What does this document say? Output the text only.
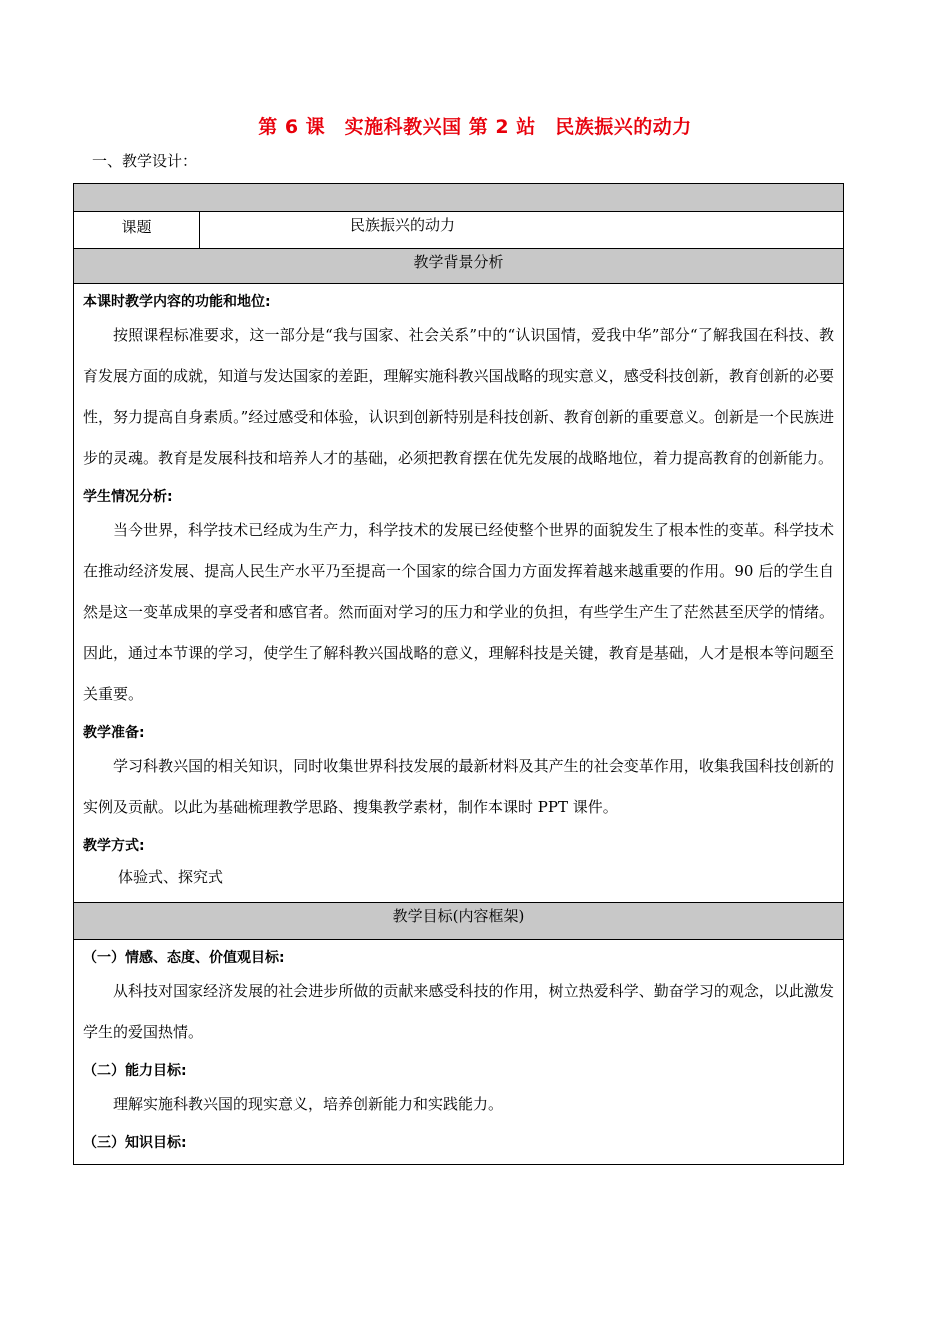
第 6 课　实施科教兴国 第 2 站　民族振兴的动力
一、教学设计：

课题	民族振兴的动力
教学背景分析

本课时教学内容的功能和地位:
按照课程标准要求，这一部分是“我与国家、社会关系”中的“认识国情，爱我中华”部分“了解我国在科技、教育发展方面的成就，知道与发达国家的差距，理解实施科教兴国战略的现实意义，感受科技创新，教育创新的必要性，努力提高自身素质。”经过感受和体验，认识到创新特别是科技创新、教育创新的重要意义。创新是一个民族进步的灵魂。教育是发展科技和培养人才的基础，必须把教育摆在优先发展的战略地位，着力提高教育的创新能力。
学生情况分析:
当今世界，科学技术已经成为生产力，科学技术的发展已经使整个世界的面貌发生了根本性的变革。科学技术在推动经济发展、提高人民生产水平乃至提高一个国家的综合国力方面发挥着越来越重要的作用。90 后的学生自然是这一变革成果的享受者和感官者。然而面对学习的压力和学业的负担，有些学生产生了茫然甚至厌学的情绪。因此，通过本节课的学习，使学生了解科教兴国战略的意义，理解科技是关键，教育是基础，人才是根本等问题至关重要。
教学准备:
学习科教兴国的相关知识，同时收集世界科技发展的最新材料及其产生的社会变革作用，收集我国科技创新的实例及贡献。以此为基础梳理教学思路、搜集教学素材，制作本课时 PPT 课件。
教学方式:
体验式、探究式

教学目标(内容框架)

（一）情感、态度、价值观目标:
从科技对国家经济发展的社会进步所做的贡献来感受科技的作用，树立热爱科学、勤奋学习的观念，以此激发学生的爱国热情。
（二）能力目标:
理解实施科教兴国的现实意义，培养创新能力和实践能力。
（三）知识目标:
